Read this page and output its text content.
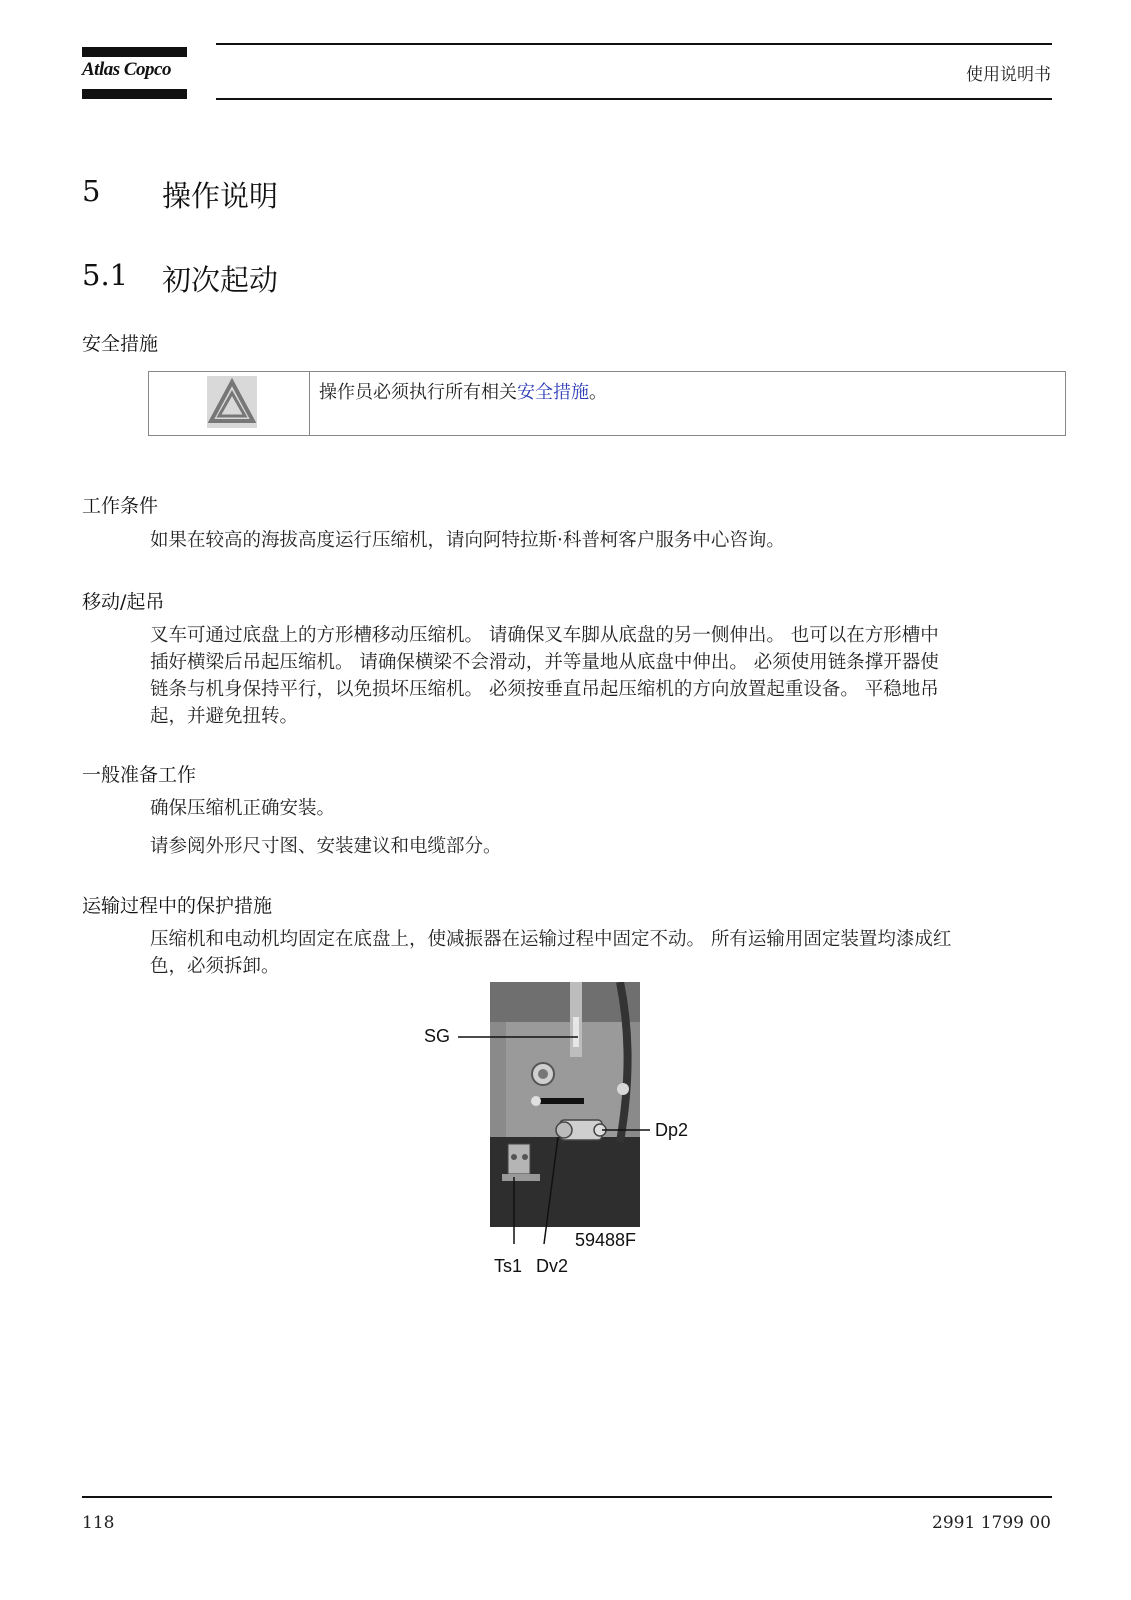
Atlas Copco	使用说明书
5 操作说明
5.1 初次起动
安全措施
操作员必须执行所有相关安全措施。
工作条件

如果在较高的海拔高度运行压缩机，请向阿特拉斯·科普柯客户服务中心咨询。

移动/起吊
叉车可通过底盘上的方形槽移动压缩机。 请确保叉车脚从底盘的另一侧伸出。 也可以在方形槽中
插好横梁后吊起压缩机。 请确保横梁不会滑动，并等量地从底盘中伸出。 必须使用链条撑开器使
链条与机身保持平行，以免损坏压缩机。 必须按垂直吊起压缩机的方向放置起重设备。 平稳地吊
起，并避免扭转。
一般准备工作

确保压缩机正确安装。

请参阅外形尺寸图、安装建议和电缆部分。

运输过程中的保护措施
压缩机和电动机均固定在底盘上，使减振器在运输过程中固定不动。 所有运输用固定装置均漆成红
色，必须拆卸。
SG
Dp2
59488F
Ts1 Dv2
118	2991 1799 00
